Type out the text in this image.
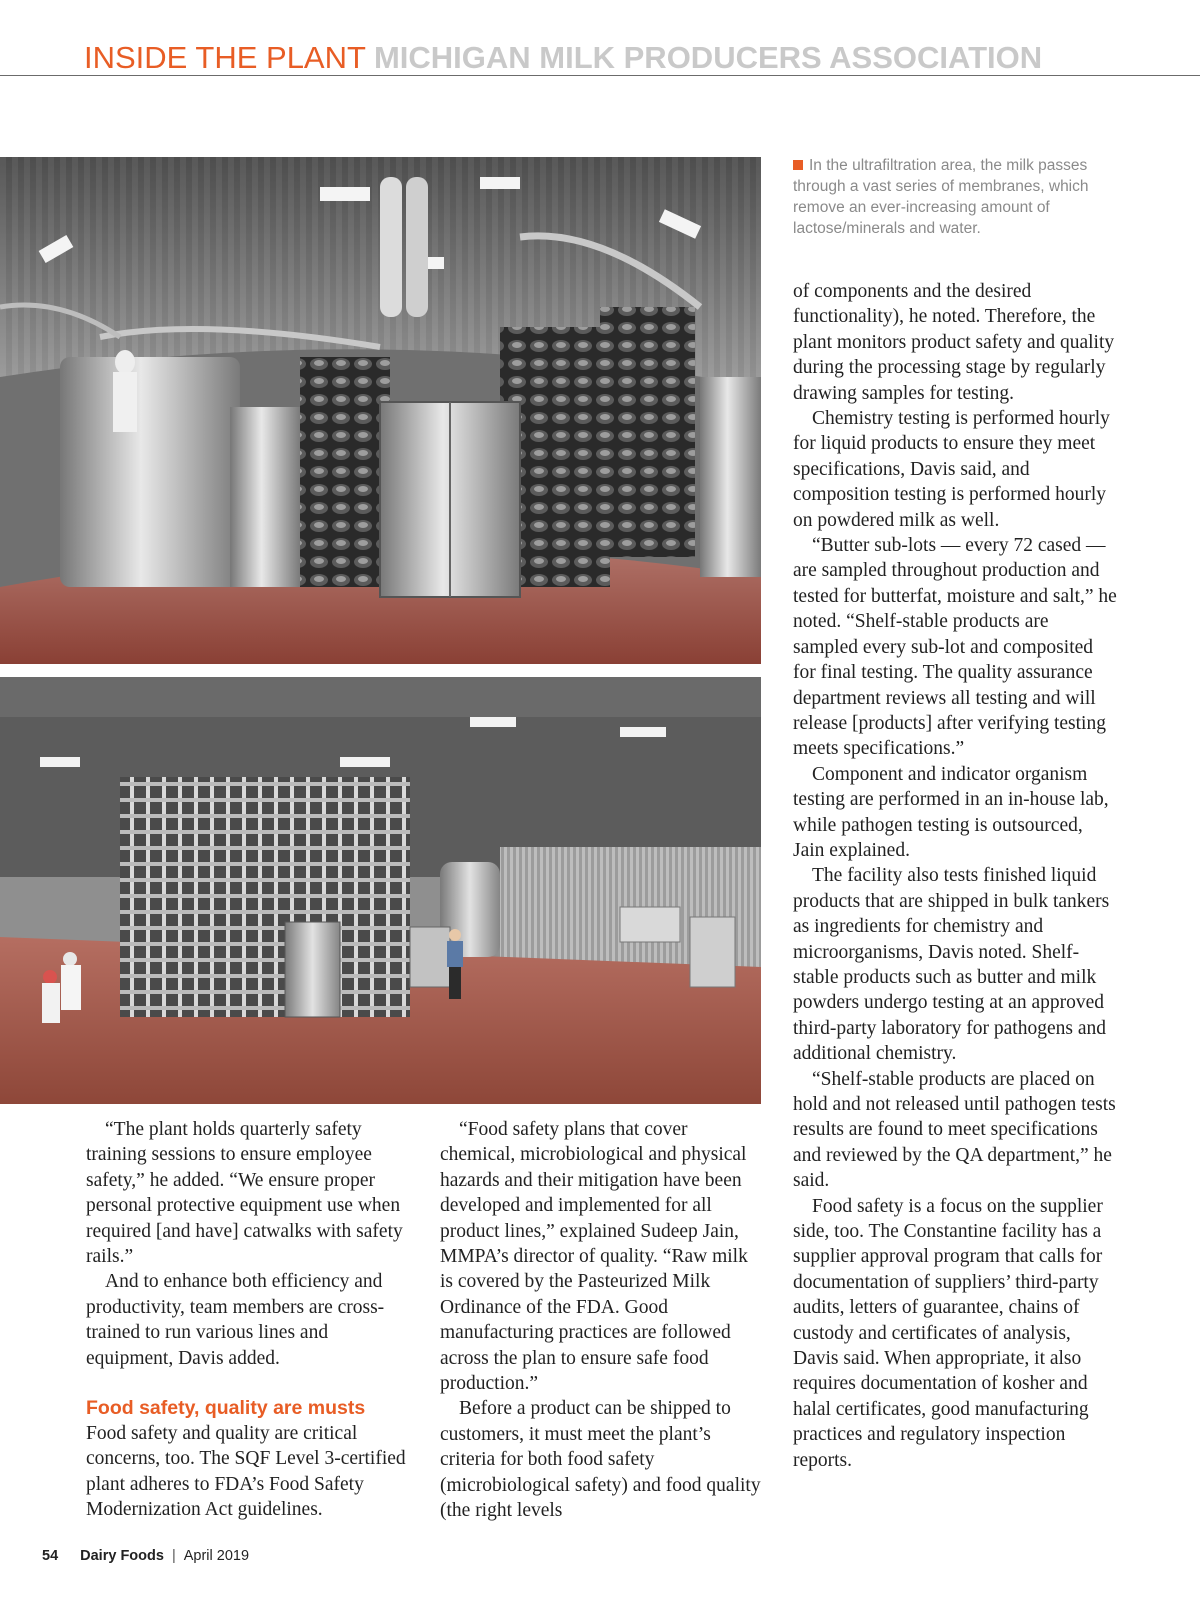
INSIDE THE PLANT MICHIGAN MILK PRODUCERS ASSOCIATION
In the ultrafiltration area, the milk passes through a vast series of membranes, which remove an ever-increasing amount of lactose/minerals and water.

“The plant holds quarterly safety training sessions to ensure employee safety,” he added. “We ensure proper personal protective equipment use when required [and have] catwalks with safety rails.”

And to enhance both efficiency and productivity, team members are cross-trained to run various lines and equipment, Davis added.

Food safety, quality are musts

Food safety and quality are critical concerns, too. The SQF Level 3-certified plant adheres to FDA’s Food Safety Modernization Act guidelines.

“Food safety plans that cover chemical, microbiological and physical hazards and their mitigation have been developed and implemented for all product lines,” explained Sudeep Jain, MMPA’s director of quality. “Raw milk is covered by the Pasteurized Milk Ordinance of the FDA. Good manufacturing practices are followed across the plan to ensure safe food production.”

Before a product can be shipped to customers, it must meet the plant’s criteria for both food safety (microbiological safety) and food quality (the right levels

of components and the desired functionality), he noted. Therefore, the plant monitors product safety and quality during the processing stage by regularly drawing samples for testing.

Chemistry testing is performed hourly for liquid products to ensure they meet specifications, Davis said, and composition testing is performed hourly on powdered milk as well.

“Butter sub-lots — every 72 cased — are sampled throughout production and tested for butterfat, moisture and salt,” he noted. “Shelf-stable products are sampled every sub-lot and composited for final testing. The quality assurance department reviews all testing and will release [products] after verifying testing meets specifications.”

Component and indicator organism testing are performed in an in-house lab, while pathogen testing is outsourced, Jain explained.

The facility also tests finished liquid products that are shipped in bulk tankers as ingredients for chemistry and microorganisms, Davis noted. Shelf-stable products such as butter and milk powders undergo testing at an approved third-party laboratory for pathogens and additional chemistry.

“Shelf-stable products are placed on hold and not released until pathogen tests results are found to meet specifications and reviewed by the QA department,” he said.

Food safety is a focus on the supplier side, too. The Constantine facility has a supplier approval program that calls for documentation of suppliers’ third-party audits, letters of guarantee, chains of custody and certificates of analysis, Davis said. When appropriate, it also requires documentation of kosher and halal certificates, good manufacturing practices and regulatory inspection reports.

54 Dairy Foods | April 2019
